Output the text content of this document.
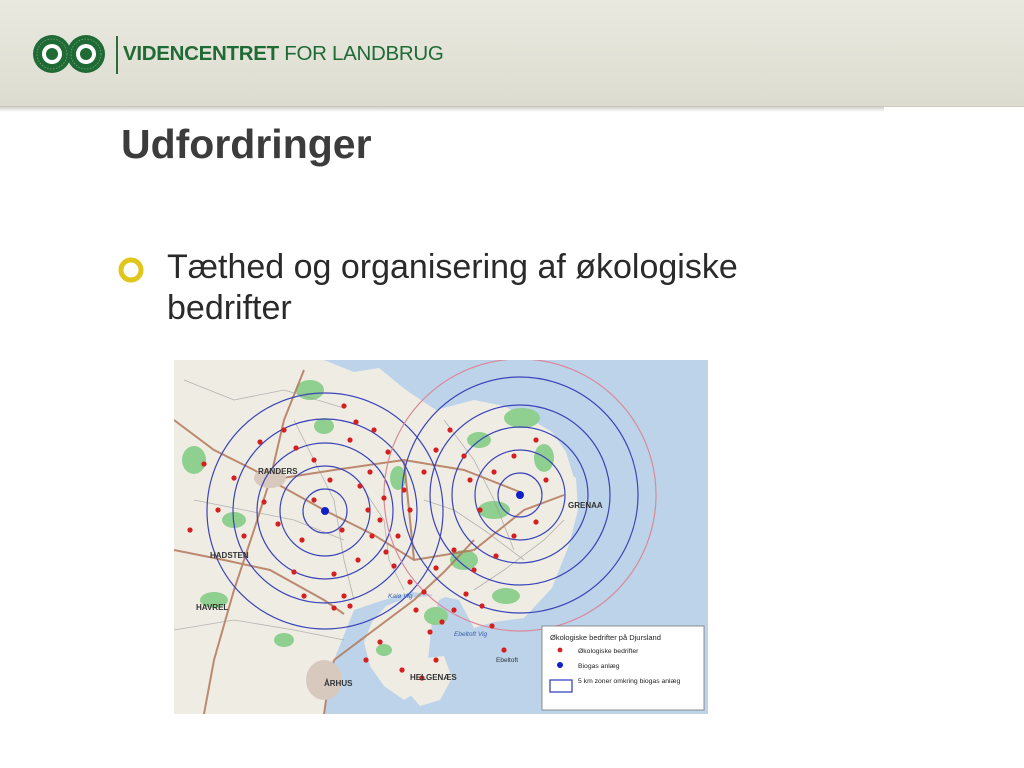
VIDENCENTRET FOR LANDBRUG
Udfordringer
Tæthed og organisering af økologiske bedrifter
RANDERS
GRENAA
ÅRHUS
HAVREL
HADSTEN
HELGENÆS
Kalø Vig
Ebeltoft Vig
Ebeltoft
Økologiske bedrifter på Djursland
Økologiske bedrifter
Biogas anlæg
5 km zoner omkring biogas anlæg
